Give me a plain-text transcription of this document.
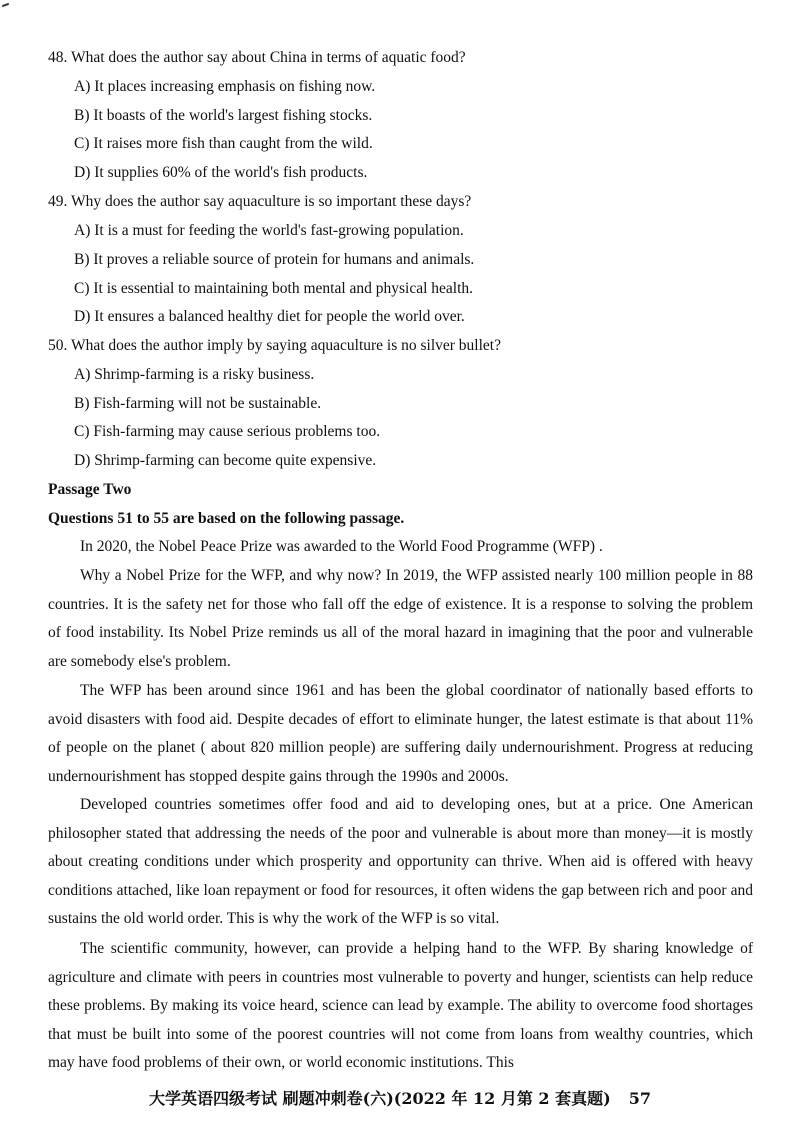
48. What does the author say about China in terms of aquatic food?
A) It places increasing emphasis on fishing now.
B) It boasts of the world's largest fishing stocks.
C) It raises more fish than caught from the wild.
D) It supplies 60% of the world's fish products.
49. Why does the author say aquaculture is so important these days?
A) It is a must for feeding the world's fast-growing population.
B) It proves a reliable source of protein for humans and animals.
C) It is essential to maintaining both mental and physical health.
D) It ensures a balanced healthy diet for people the world over.
50. What does the author imply by saying aquaculture is no silver bullet?
A) Shrimp-farming is a risky business.
B) Fish-farming will not be sustainable.
C) Fish-farming may cause serious problems too.
D) Shrimp-farming can become quite expensive.
Passage Two
Questions 51 to 55 are based on the following passage.

In 2020, the Nobel Peace Prize was awarded to the World Food Programme (WFP) .

Why a Nobel Prize for the WFP, and why now? In 2019, the WFP assisted nearly 100 million people in 88 countries. It is the safety net for those who fall off the edge of existence. It is a response to solving the problem of food instability. Its Nobel Prize reminds us all of the moral hazard in imagining that the poor and vulnerable are somebody else's problem.

The WFP has been around since 1961 and has been the global coordinator of nationally based efforts to avoid disasters with food aid. Despite decades of effort to eliminate hunger, the latest estimate is that about 11% of people on the planet ( about 820 million people) are suffering daily undernourishment. Progress at reducing undernourishment has stopped despite gains through the 1990s and 2000s.

Developed countries sometimes offer food and aid to developing ones, but at a price. One American philosopher stated that addressing the needs of the poor and vulnerable is about more than money—it is mostly about creating conditions under which prosperity and opportunity can thrive. When aid is offered with heavy conditions attached, like loan repayment or food for resources, it often widens the gap between rich and poor and sustains the old world order. This is why the work of the WFP is so vital.

The scientific community, however, can provide a helping hand to the WFP. By sharing knowledge of agriculture and climate with peers in countries most vulnerable to poverty and hunger, scientists can help reduce these problems. By making its voice heard, science can lead by example. The ability to overcome food shortages that must be built into some of the poorest countries will not come from loans from wealthy countries, which may have food problems of their own, or world economic institutions. This

大学英语四级考试 刷题冲刺卷(六)(2022 年 12 月第 2 套真题) 57
